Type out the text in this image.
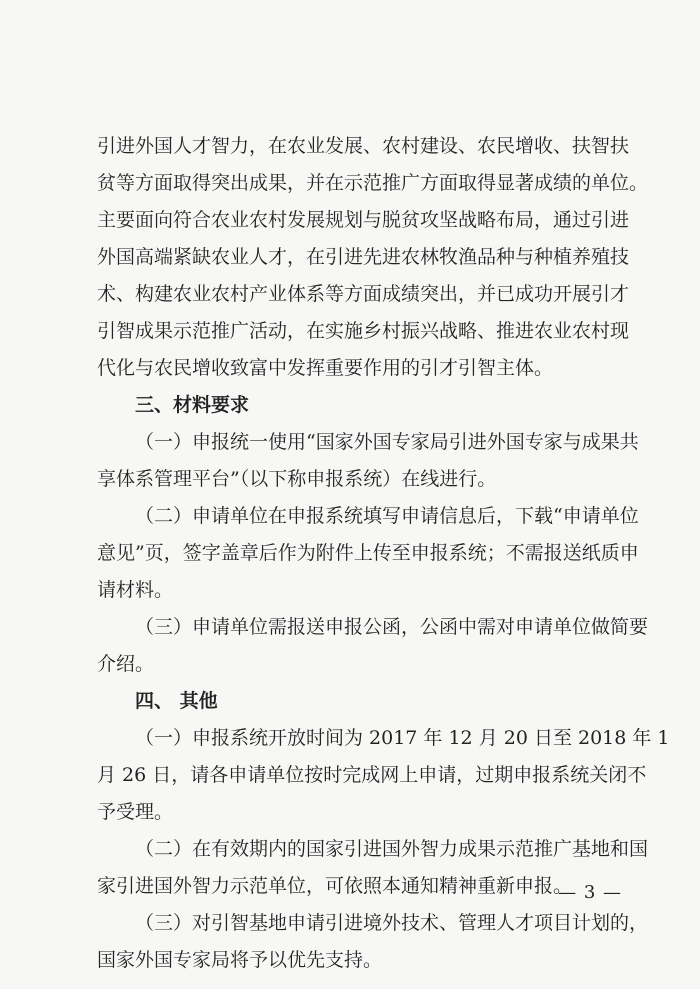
引进外国人才智力，在农业发展、农村建设、农民增收、扶智扶
贫等方面取得突出成果，并在示范推广方面取得显著成绩的单位。
主要面向符合农业农村发展规划与脱贫攻坚战略布局，通过引进
外国高端紧缺农业人才，在引进先进农林牧渔品种与种植养殖技
术、构建农业农村产业体系等方面成绩突出，并已成功开展引才
引智成果示范推广活动，在实施乡村振兴战略、推进农业农村现
代化与农民增收致富中发挥重要作用的引才引智主体。
三、材料要求
（一）申报统一使用“国家外国专家局引进外国专家与成果共
享体系管理平台”（以下称申报系统）在线进行。
（二）申请单位在申报系统填写申请信息后，下载“申请单位
意见”页，签字盖章后作为附件上传至申报系统；不需报送纸质申
请材料。
（三）申请单位需报送申报公函，公函中需对申请单位做简要
介绍。
四、 其他
（一）申报系统开放时间为 2017 年 12 月 20 日至 2018 年 1
月 26 日，请各申请单位按时完成网上申请，过期申报系统关闭不
予受理。
（二）在有效期内的国家引进国外智力成果示范推广基地和国
家引进国外智力示范单位，可依照本通知精神重新申报。
（三）对引智基地申请引进境外技术、管理人才项目计划的，
国家外国专家局将予以优先支持。
— 3 —
